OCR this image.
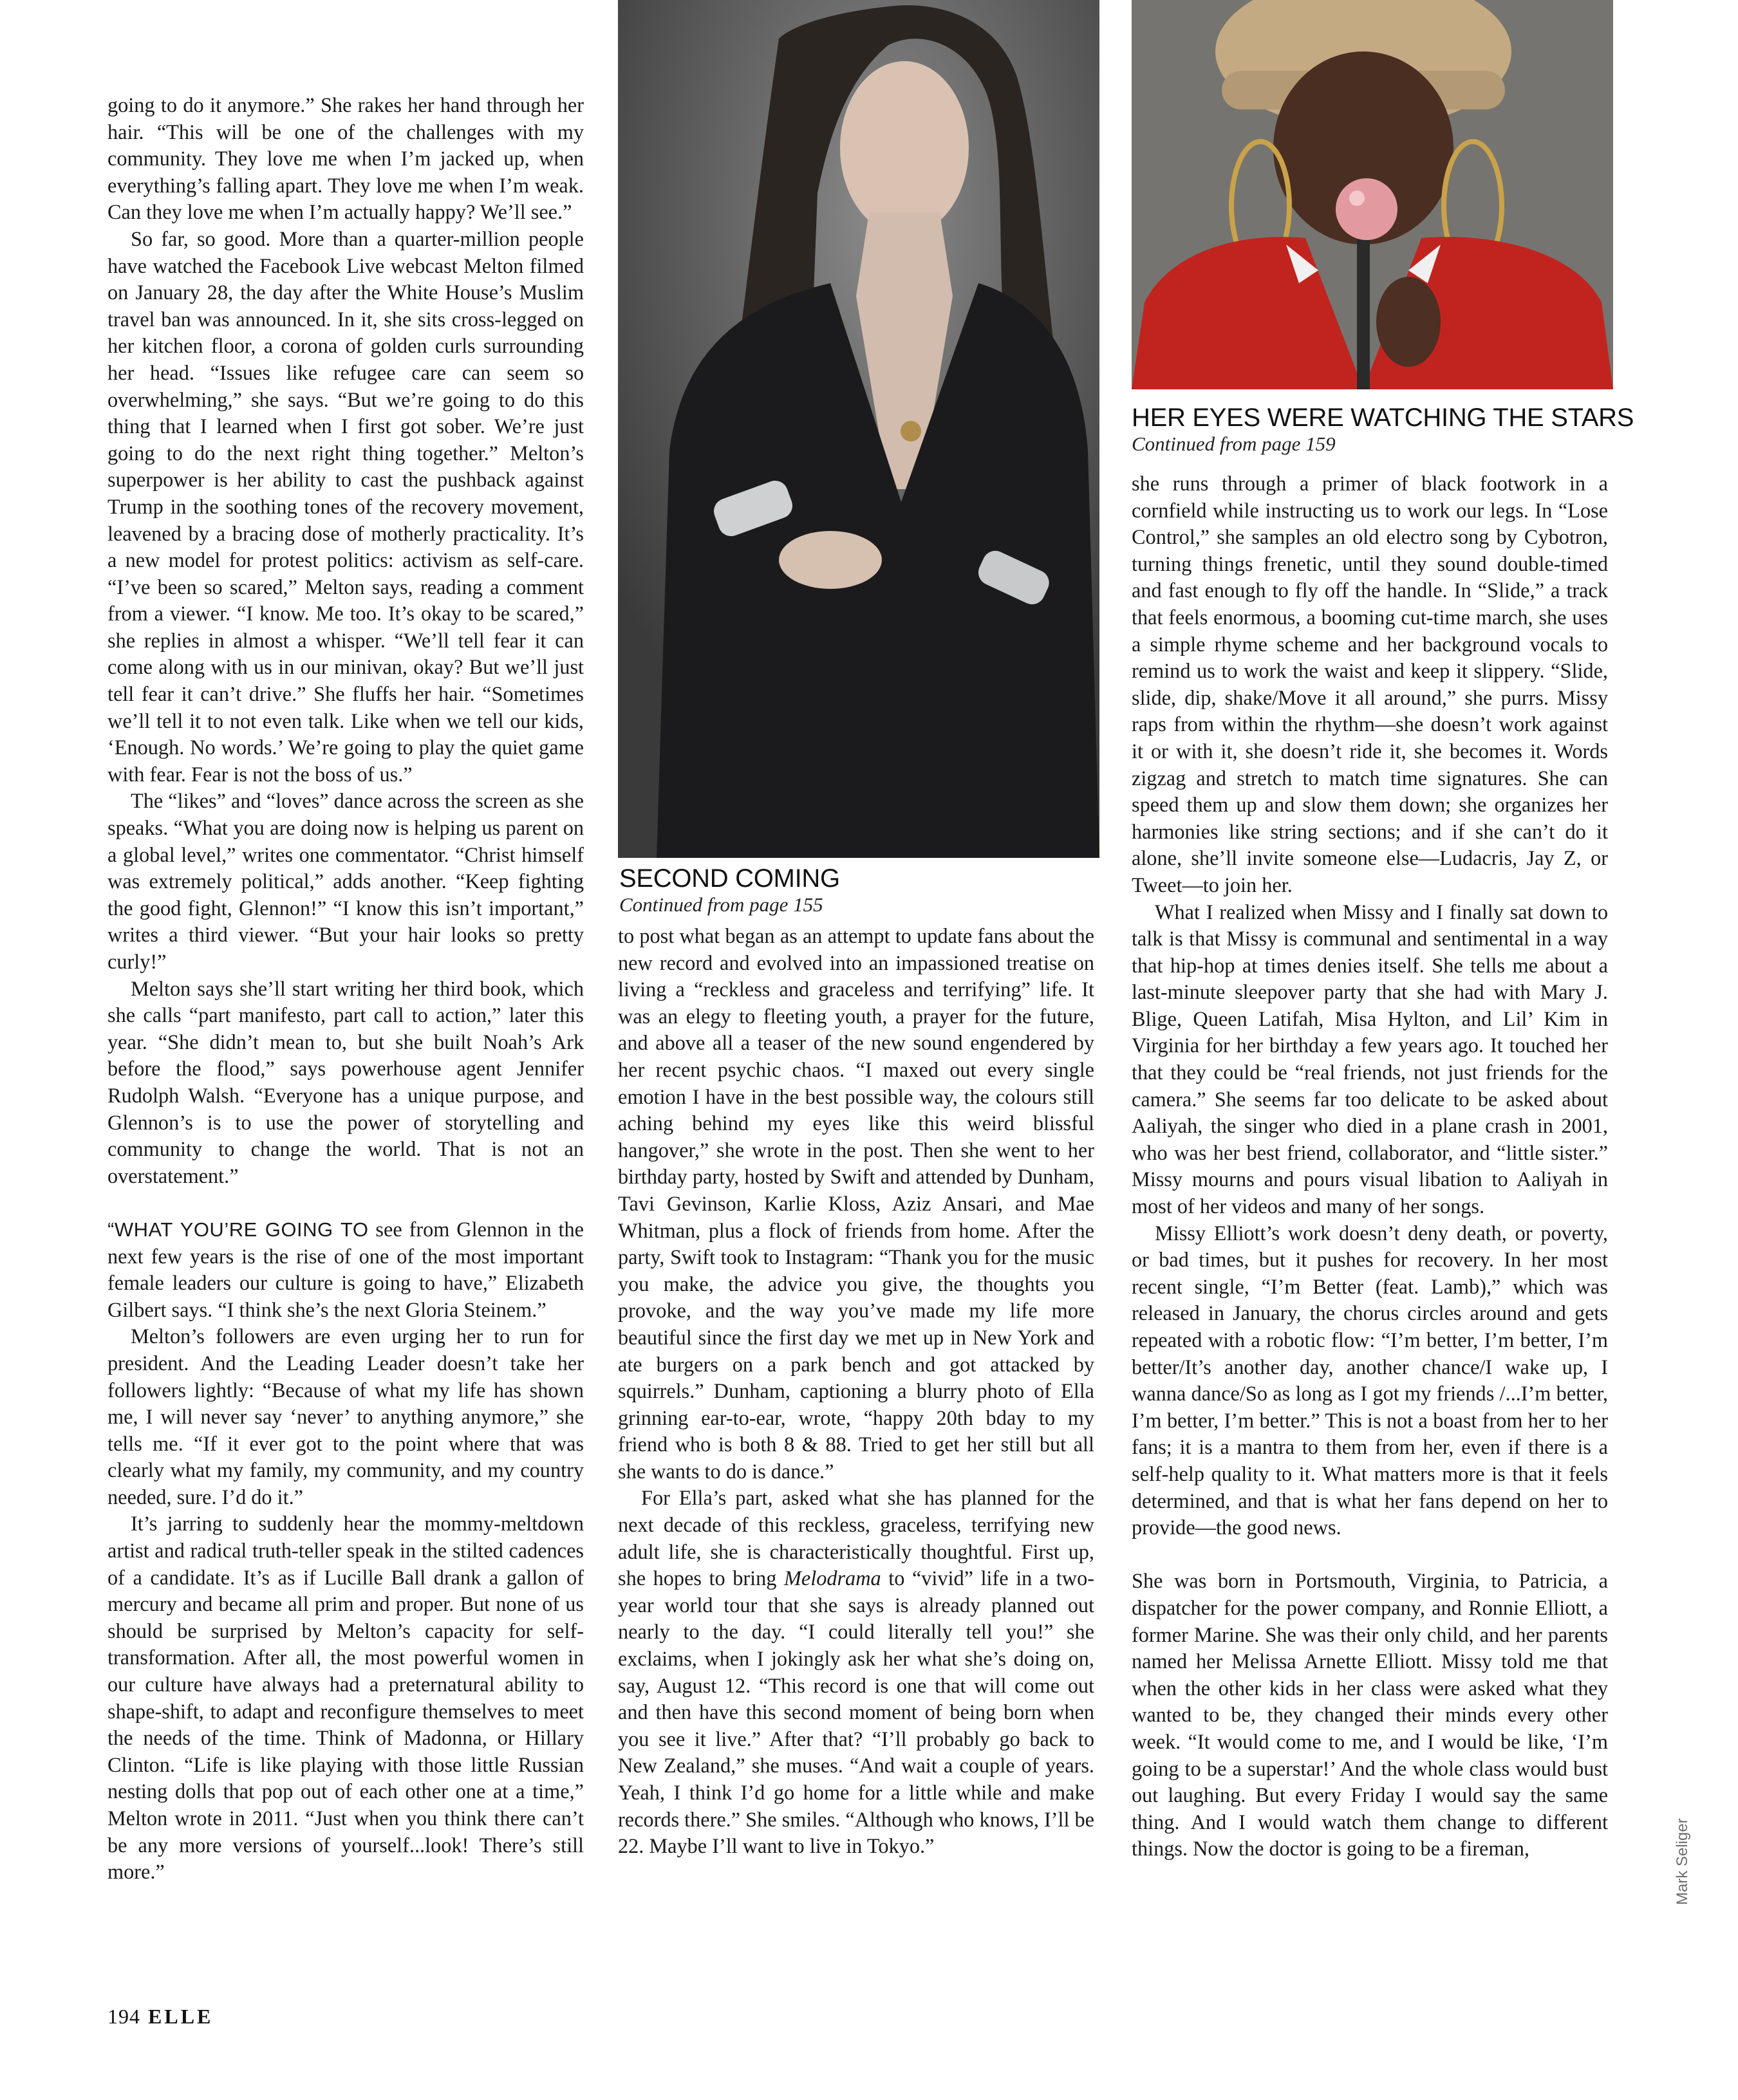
SECOND COMING
Continued from page 155
HER EYES WERE WATCHING THE STARS
Continued from page 159

going to do it anymore.” She rakes her hand through her hair. “This will be one of the challenges with my community. They love me when I’m jacked up, when everything’s falling apart. They love me when I’m weak. Can they love me when I’m actually happy? We’ll see.”

So far, so good. More than a quarter-million people have watched the Facebook Live webcast Melton filmed on January 28, the day after the White House’s Muslim travel ban was announced. In it, she sits cross-legged on her kitchen floor, a corona of golden curls surrounding her head. “Issues like refugee care can seem so overwhelming,” she says. “But we’re going to do this thing that I learned when I first got sober. We’re just going to do the next right thing together.” Melton’s superpower is her ability to cast the pushback against Trump in the soothing tones of the recovery movement, leavened by a bracing dose of motherly practicality. It’s a new model for protest politics: activism as self-care. “I’ve been so scared,” Melton says, reading a comment from a viewer. “I know. Me too. It’s okay to be scared,” she replies in almost a whisper. “We’ll tell fear it can come along with us in our minivan, okay? But we’ll just tell fear it can’t drive.” She fluffs her hair. “Sometimes we’ll tell it to not even talk. Like when we tell our kids, ‘Enough. No words.’ We’re going to play the quiet game with fear. Fear is not the boss of us.”

The “likes” and “loves” dance across the screen as she speaks. “What you are doing now is helping us parent on a global level,” writes one commentator. “Christ himself was extremely political,” adds another. “Keep fighting the good fight, Glennon!” “I know this isn’t important,” writes a third viewer. “But your hair looks so pretty curly!”

Melton says she’ll start writing her third book, which she calls “part manifesto, part call to action,” later this year. “She didn’t mean to, but she built Noah’s Ark before the flood,” says powerhouse agent Jennifer Rudolph Walsh. “Everyone has a unique purpose, and Glennon’s is to use the power of storytelling and community to change the world. That is not an overstatement.”

“WHAT YOU’RE GOING TO see from Glennon in the next few years is the rise of one of the most important female leaders our culture is going to have,” Elizabeth Gilbert says. “I think she’s the next Gloria Steinem.”

Melton’s followers are even urging her to run for president. And the Leading Leader doesn’t take her followers lightly: “Because of what my life has shown me, I will never say ‘never’ to anything anymore,” she tells me. “If it ever got to the point where that was clearly what my family, my community, and my country needed, sure. I’d do it.”

It’s jarring to suddenly hear the mommy-meltdown artist and radical truth-teller speak in the stilted cadences of a candidate. It’s as if Lucille Ball drank a gallon of mercury and became all prim and proper. But none of us should be surprised by Melton’s capacity for self-transformation. After all, the most powerful women in our culture have always had a preternatural ability to shape-shift, to adapt and reconfigure themselves to meet the needs of the time. Think of Madonna, or Hillary Clinton. “Life is like playing with those little Russian nesting dolls that pop out of each other one at a time,” Melton wrote in 2011. “Just when you think there can’t be any more versions of yourself...look! There’s still more.”

to post what began as an attempt to update fans about the new record and evolved into an impassioned treatise on living a “reckless and graceless and terrifying” life. It was an elegy to fleeting youth, a prayer for the future, and above all a teaser of the new sound engendered by her recent psychic chaos. “I maxed out every single emotion I have in the best possible way, the colours still aching behind my eyes like this weird blissful hangover,” she wrote in the post. Then she went to her birthday party, hosted by Swift and attended by Dunham, Tavi Gevinson, Karlie Kloss, Aziz Ansari, and Mae Whitman, plus a flock of friends from home. After the party, Swift took to Instagram: “Thank you for the music you make, the advice you give, the thoughts you provoke, and the way you’ve made my life more beautiful since the first day we met up in New York and ate burgers on a park bench and got attacked by squirrels.” Dunham, captioning a blurry photo of Ella grinning ear-to-ear, wrote, “happy 20th bday to my friend who is both 8 & 88. Tried to get her still but all she wants to do is dance.”

For Ella’s part, asked what she has planned for the next decade of this reckless, graceless, terrifying new adult life, she is characteristically thoughtful. First up, she hopes to bring Melodrama to “vivid” life in a two-year world tour that she says is already planned out nearly to the day. “I could literally tell you!” she exclaims, when I jokingly ask her what she’s doing on, say, August 12. “This record is one that will come out and then have this second moment of being born when you see it live.” After that? “I’ll probably go back to New Zealand,” she muses. “And wait a couple of years. Yeah, I think I’d go home for a little while and make records there.” She smiles. “Although who knows, I’ll be 22. Maybe I’ll want to live in Tokyo.”

she runs through a primer of black footwork in a cornfield while instructing us to work our legs. In “Lose Control,” she samples an old electro song by Cybotron, turning things frenetic, until they sound double-timed and fast enough to fly off the handle. In “Slide,” a track that feels enormous, a booming cut-time march, she uses a simple rhyme scheme and her background vocals to remind us to work the waist and keep it slippery. “Slide, slide, dip, shake/Move it all around,” she purrs. Missy raps from within the rhythm—she doesn’t work against it or with it, she doesn’t ride it, she becomes it. Words zigzag and stretch to match time signatures. She can speed them up and slow them down; she organizes her harmonies like string sections; and if she can’t do it alone, she’ll invite someone else—Ludacris, Jay Z, or Tweet—to join her.

What I realized when Missy and I finally sat down to talk is that Missy is communal and sentimental in a way that hip-hop at times denies itself. She tells me about a last-minute sleepover party that she had with Mary J. Blige, Queen Latifah, Misa Hylton, and Lil’ Kim in Virginia for her birthday a few years ago. It touched her that they could be “real friends, not just friends for the camera.” She seems far too delicate to be asked about Aaliyah, the singer who died in a plane crash in 2001, who was her best friend, collaborator, and “little sister.” Missy mourns and pours visual libation to Aaliyah in most of her videos and many of her songs.

Missy Elliott’s work doesn’t deny death, or poverty, or bad times, but it pushes for recovery. In her most recent single, “I’m Better (feat. Lamb),” which was released in January, the chorus circles around and gets repeated with a robotic flow: “I’m better, I’m better, I’m better/It’s another day, another chance/I wake up, I wanna dance/So as long as I got my friends /...I’m better, I’m better, I’m better.” This is not a boast from her to her fans; it is a mantra to them from her, even if there is a self-help quality to it. What matters more is that it feels determined, and that is what her fans depend on her to provide—the good news.

She was born in Portsmouth, Virginia, to Patricia, a dispatcher for the power company, and Ronnie Elliott, a former Marine. She was their only child, and her parents named her Melissa Arnette Elliott. Missy told me that when the other kids in her class were asked what they wanted to be, they changed their minds every other week. “It would come to me, and I would be like, ‘I’m going to be a superstar!’ And the whole class would bust out laughing. But every Friday I would say the same thing. And I would watch them change to different things. Now the doctor is going to be a fireman,

194 ELLE
Mark Seliger
